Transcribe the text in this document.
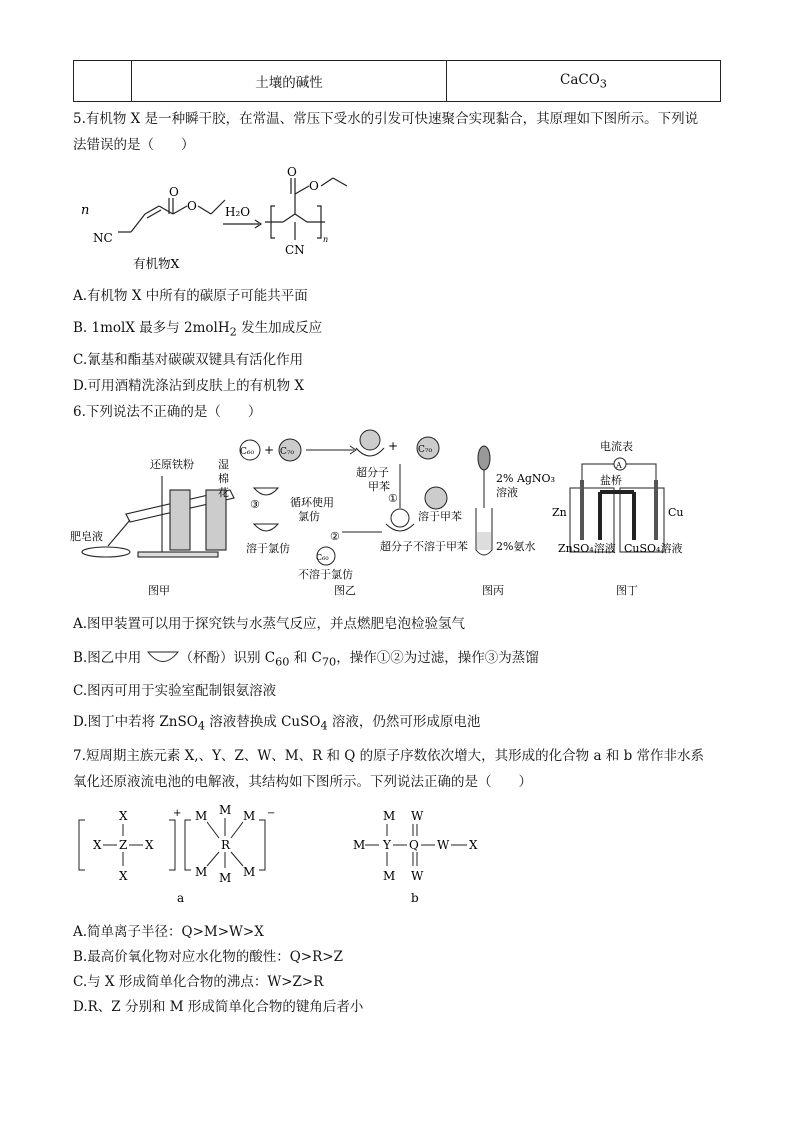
	土壤的碱性	CaCO$_3$
5.有机物 X 是一种瞬干胶，在常温、常压下受水的引发可快速聚合实现黏合，其原理如下图所示。下列说
法错误的是（　　）
n
O
O
NC
H₂O
O
O
n
CN
有机物X
A.有机物 X 中所有的碳原子可能共平面
B. 1molX 最多与 2molH$_2$ 发生加成反应
C.氰基和酯基对碳碳双键具有活化作用
D.可用酒精洗涤沾到皮肤上的有机物 X
6.下列说法不正确的是（　　）
还原铁粉 湿
棉
花
肥皂液
图甲
C₆₀ + C₇₀	+ C₇₀
超分子
甲苯
①
溶于甲苯
超分子不溶于甲苯
②
氯仿
循环使用
③
溶于氯仿
C₆₀
不溶于氯仿
图乙
2% AgNO₃
溶液
2%氨水
图丙
电流表
A
盐桥
Zn	Cu
ZnSO₄溶液 CuSO₄溶液
图丁
A.图甲装置可以用于探究铁与水蒸气反应，并点燃肥皂泡检验氢气
B.图乙中用	（杯酚）识别 $C_{60}$ 和 $C_{70}$，操作①②为过滤，操作③为蒸馏
C.图丙可用于实验室配制银氨溶液
D.图丁中若将 ZnSO$_4$ 溶液替换成 CuSO$_4$ 溶液，仍然可形成原电池
7.短周期主族元素 X,、Y、Z、W、M、R 和 Q 的原子序数依次增大，其形成的化合物 a 和 b 常作非水系
氧化还原液流电池的电解液，其结构如下图所示。下列说法正确的是（　　）
X
X Z X
X
+ M M M
R
M M M
−
a
M
M Y Q
W
W X
M W
b
A.简单离子半径：Q>M>W>X
B.最高价氧化物对应水化物的酸性：Q>R>Z
C.与 X 形成简单化合物的沸点：W>Z>R
D.R、Z 分别和 M 形成简单化合物的键角后者小
